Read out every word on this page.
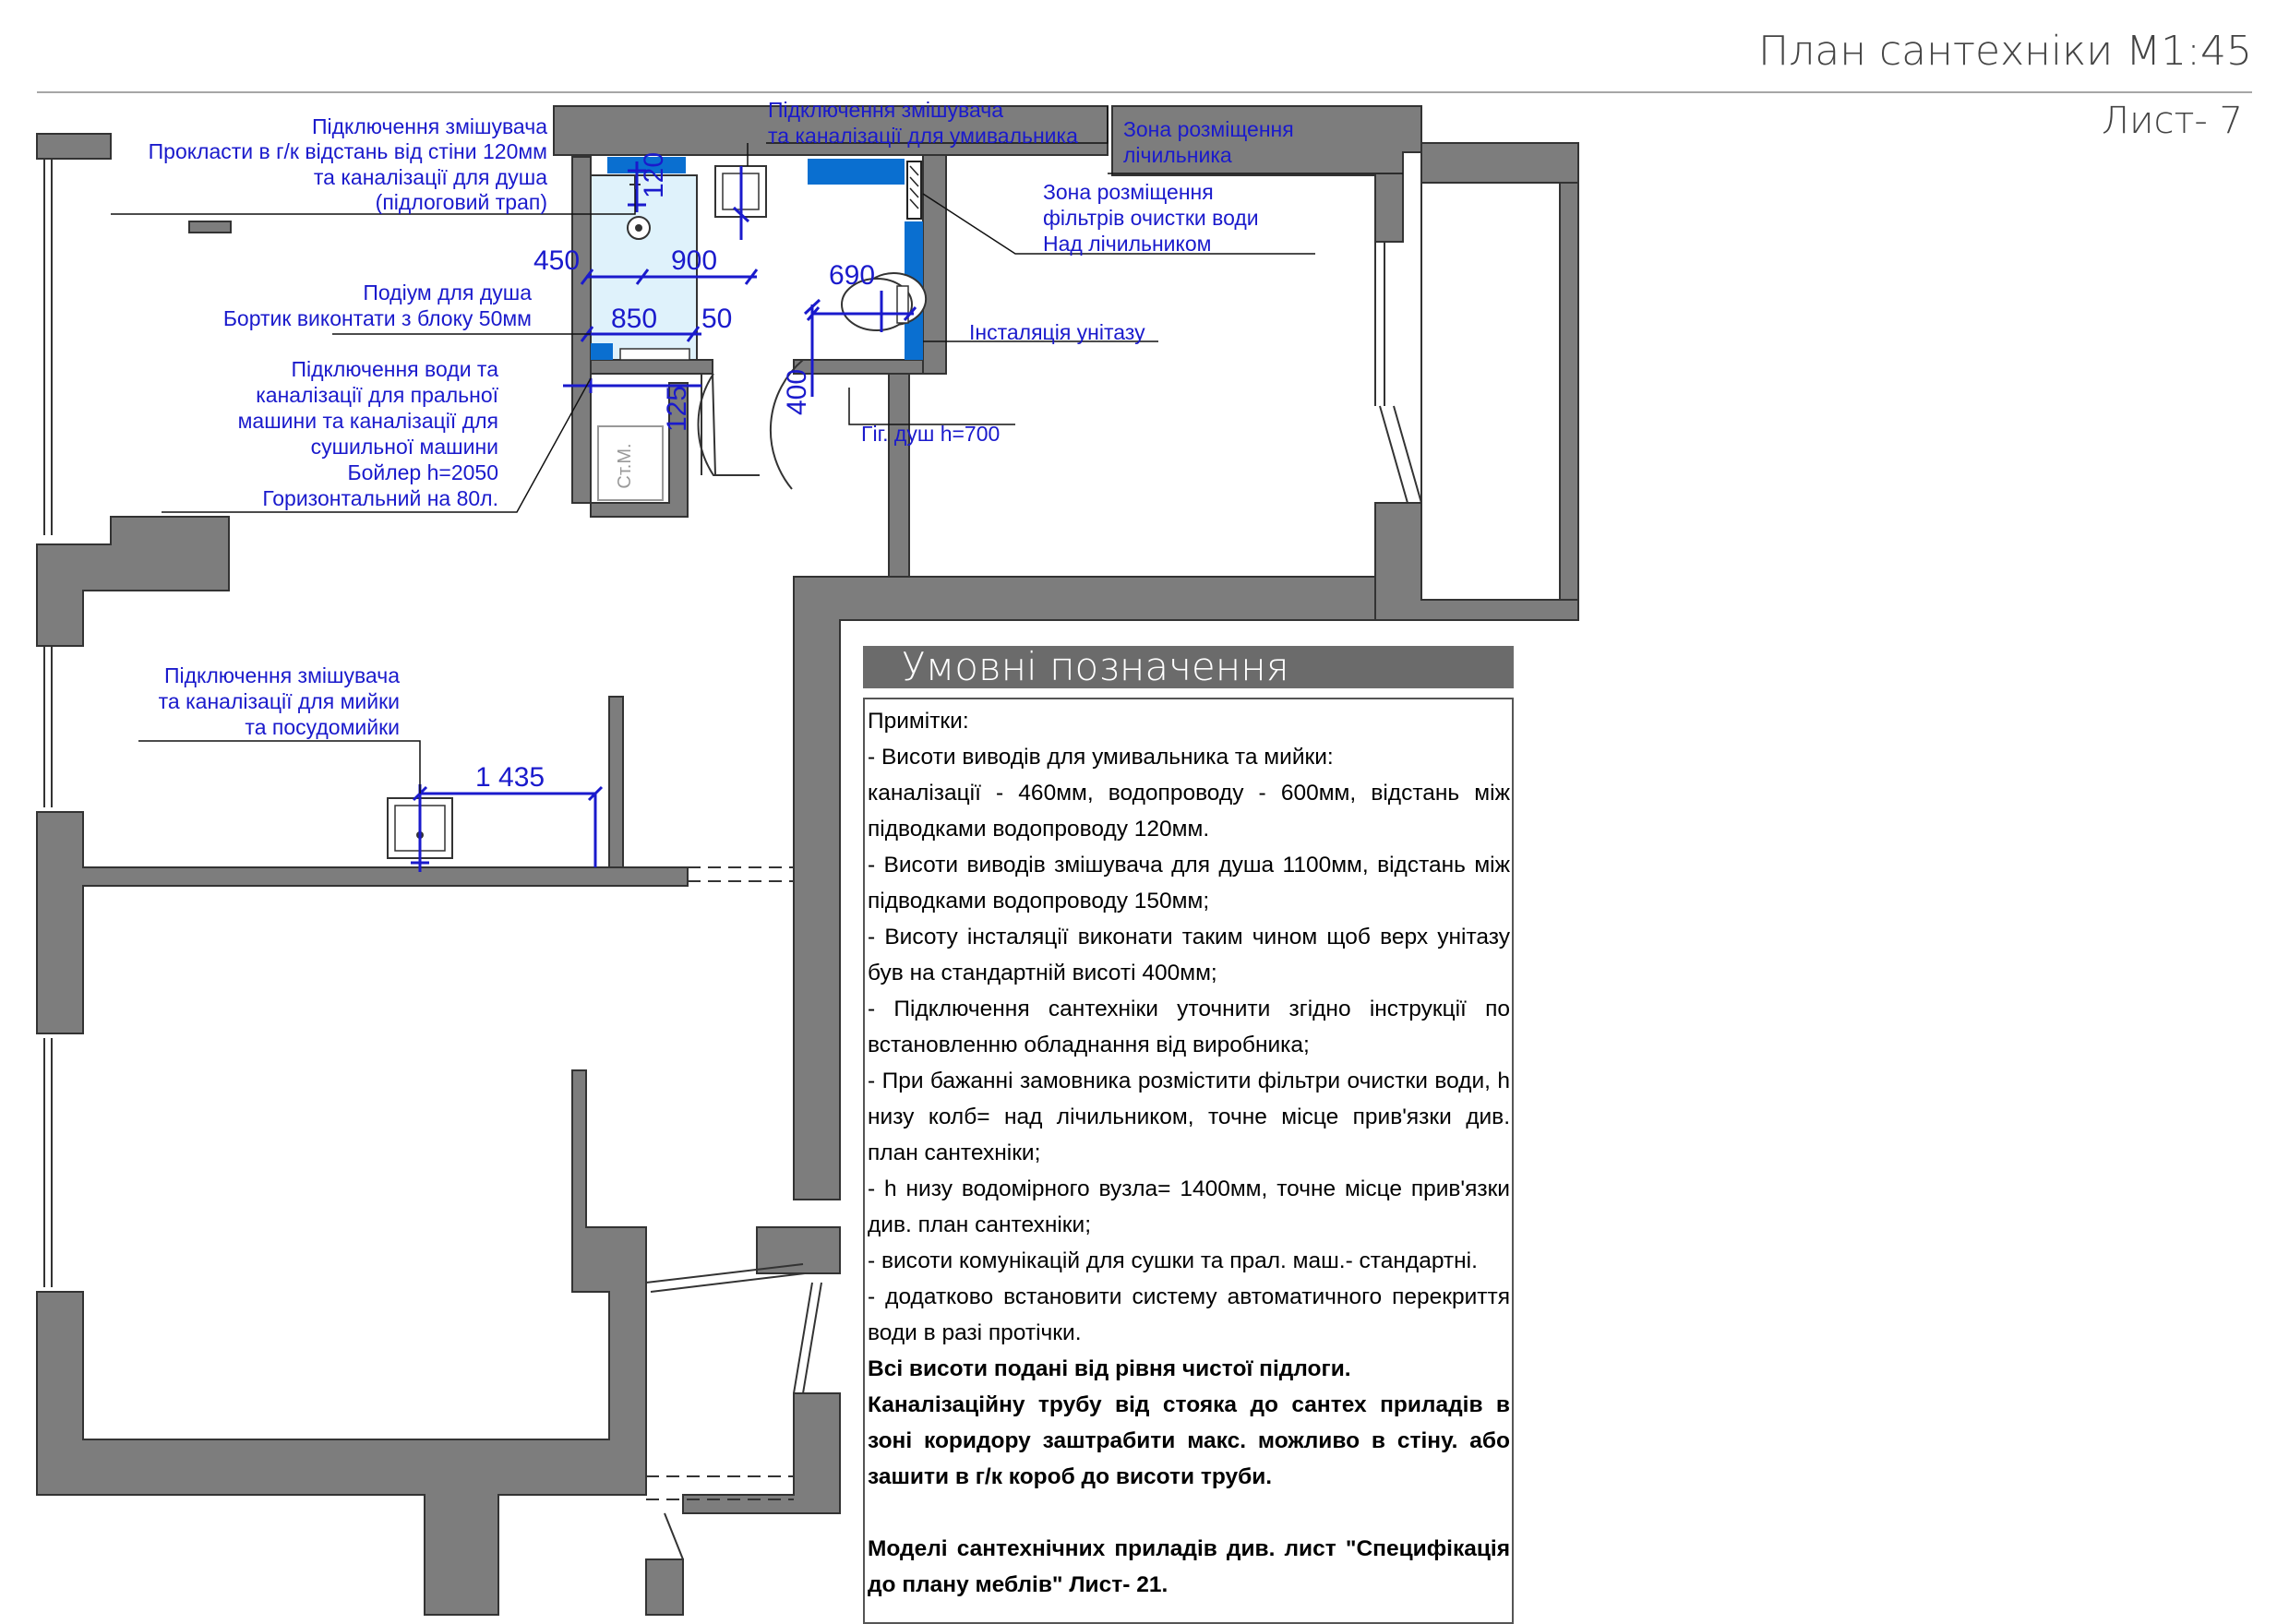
План сантехніки М1:45
Лист- 7
Ст.М.
120
450	900
850 50
690
125	400
1 435
Підключення змішувача
Прокласти в г/к відстань від стіни 120мм
та каналізації для душа
(підлоговий трап)
Підключення змішувача
та каналізації для умивальника Зона розміщення
лічильника
Зона розміщення
фільтрів очистки води
Над лічильником
Подіум для душа
Бортик виконтати з блоку 50мм
Інсталяція унітазу
Підключення води та
каналізації для пральної
машини та каналізації для
сушильної машини
Бойлер h=2050
Горизонтальний на 80л.
Гіг. душ h=700
Підключення змішувача
та каналізації для мийки
та посудомийки
Умовні позначення

Примітки:

- Висоти виводів для умивальника та мийки:

каналізації - 460мм, водопроводу - 600мм, відстань між підводками водопроводу 120мм.

- Висоти виводів змішувача для душа 1100мм, відстань між підводками водопроводу 150мм;

- Висоту інсталяції виконати таким чином щоб верх унітазу був на стандартній висоті 400мм;

- Підключення сантехніки уточнити згідно інструкції по встановленню обладнання від виробника;

- При бажанні замовника розмістити фільтри очистки води, h низу колб= над лічильником, точне місце прив'язки див. план сантехніки;

- h низу водомірного вузла= 1400мм, точне місце прив'язки див. план сантехніки;

- висоти комунікацій для сушки та прал. маш.- стандартні.

- додатково встановити систему автоматичного перекриття води в разі протічки.

Всі висоти подані від рівня чистої підлоги.

Каналізаційну трубу від стояка до сантех приладів в зоні коридору заштрабити макс. можливо в стіну. або зашити в г/к короб до висоти труби.

Моделі сантехнічних приладів див. лист "Специфікація до плану меблів" Лист- 21.
